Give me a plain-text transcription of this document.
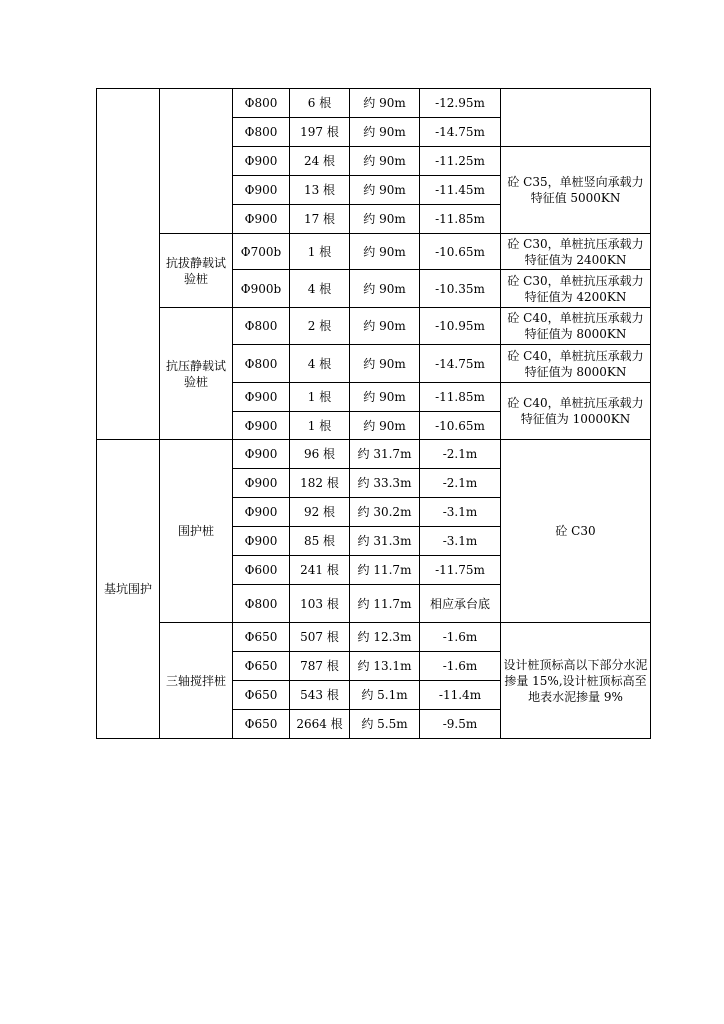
		Φ800	6 根	约 90m	-12.95m	
		Φ800	197 根	约 90m	-14.75m	
		Φ900	24 根	约 90m	-11.25m	砼 C35，单桩竖向承载力特征值 5000KN
		Φ900	13 根	约 90m	-11.45m	
		Φ900	17 根	约 90m	-11.85m	
	抗拔静载试验桩	Φ700b	1 根	约 90m	-10.65m	砼 C30，单桩抗压承载力特征值为 2400KN
		Φ900b	4 根	约 90m	-10.35m	砼 C30，单桩抗压承载力特征值为 4200KN
	抗压静载试验桩	Φ800	2 根	约 90m	-10.95m	砼 C40，单桩抗压承载力特征值为 8000KN
		Φ800	4 根	约 90m	-14.75m	砼 C40，单桩抗压承载力特征值为 8000KN
		Φ900	1 根	约 90m	-11.85m	砼 C40，单桩抗压承载力特征值为 10000KN
		Φ900	1 根	约 90m	-10.65m	

基坑围护	围护桩	Φ900	96 根	约 31.7m	-2.1m	砼 C30
		Φ900	182 根	约 33.3m	-2.1m	
		Φ900	92 根	约 30.2m	-3.1m	
		Φ900	85 根	约 31.3m	-3.1m	
		Φ600	241 根	约 11.7m	-11.75m	
		Φ800	103 根	约 11.7m	相应承台底	
	三轴搅拌桩	Φ650	507 根	约 12.3m	-1.6m	设计桩顶标高以下部分水泥掺量 15%,设计桩顶标高至地表水泥掺量 9%
		Φ650	787 根	约 13.1m	-1.6m	
		Φ650	543 根	约 5.1m	-11.4m	
		Φ650	2664 根	约 5.5m	-9.5m	
